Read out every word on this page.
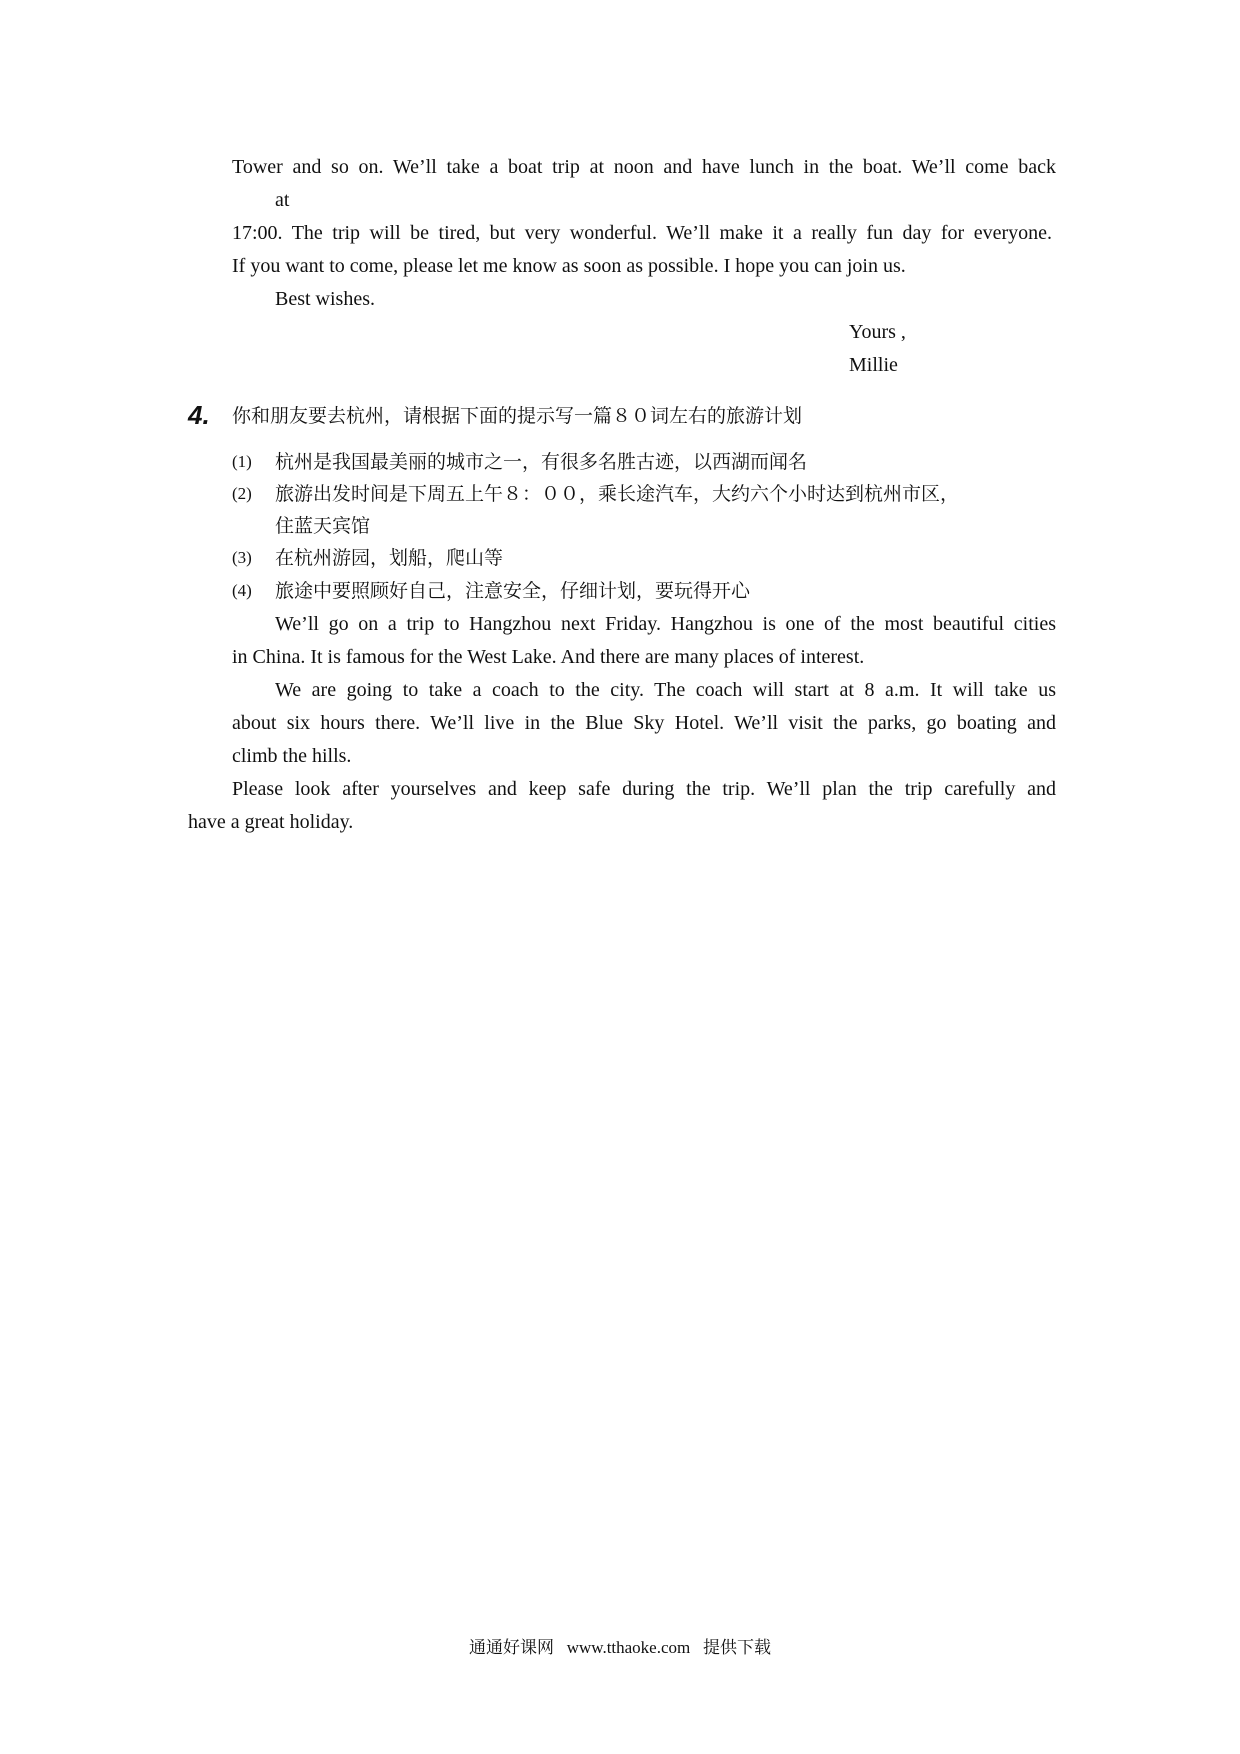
Tower and so on. We’ll take a boat trip at noon and have lunch in the boat. We’ll come back
at
17:00. The trip will be tired, but very wonderful. We’ll make it a really fun day for everyone.
If you want to come, please let me know as soon as possible. I hope you can join us.
Best wishes.
Yours ,
Millie
4. 你和朋友要去杭州，请根据下面的提示写一篇８０词左右的旅游计划
(1) 杭州是我国最美丽的城市之一，有很多名胜古迹，以西湖而闻名
(2) 旅游出发时间是下周五上午８：００，乘长途汽车，大约六个小时达到杭州市区，
住蓝天宾馆
(3) 在杭州游园，划船，爬山等
(4) 旅途中要照顾好自己，注意安全，仔细计划，要玩得开心
We’ll go on a trip to Hangzhou next Friday. Hangzhou is one of the most beautiful cities
in China. It is famous for the West Lake. And there are many places of interest.
We are going to take a coach to the city. The coach will start at 8 a.m. It will take us
about six hours there. We’ll live in the Blue Sky Hotel. We’ll visit the parks, go boating and
climb the hills.
Please look after yourselves and keep safe during the trip. We’ll plan the trip carefully and
have a great holiday.
通通好课网 www.tthaoke.com 提供下载
